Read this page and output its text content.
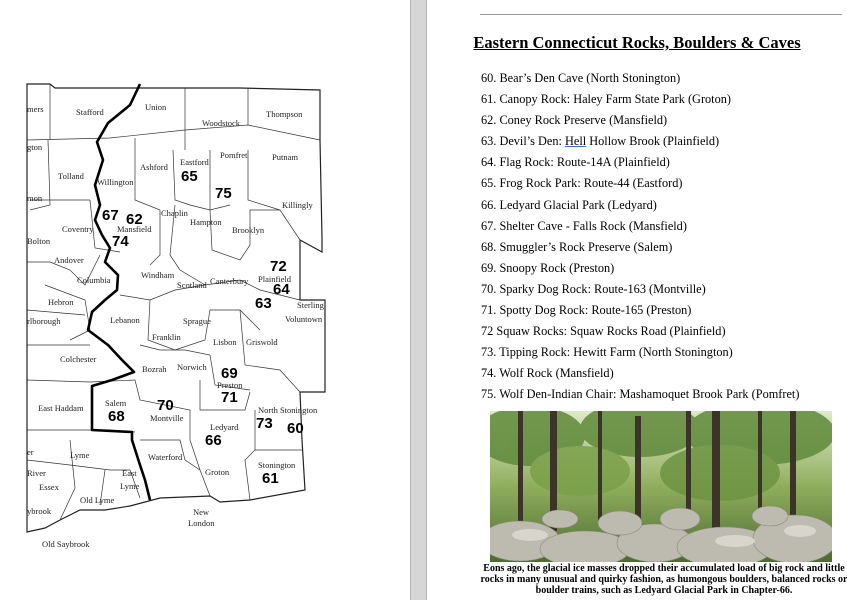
mers	Stafford	Union
Woodstock
Thompson
gton
Tolland
Willington
Ashford Eastford
Pomfret	Putnam
Killingly
mon
Coventry	Mansfield
Chaplin
Hampton
Brooklyn
Bolton
Andover
Columbia	Windham
Scotland Canterbury Plainfield
Sterling
Hebron
rlborough	Lebanon
Franklin
Sprague	Voluntown
Lisbon Griswold
Colchester
Norwich
Bozrah
Preston
East Haddam	Salem
Montville
Ledyard
North Stonington
Waterford
Lyme
East
Lyme
Groton
Stonington
er
River
Essex
Old Lyme
New
London
ybrook
Old Saybrook
67 62
74
65
75
72
64
63
69
71
70
68
66
73 60
61
Eastern Connecticut Rocks, Boulders & Caves
60. Bear’s Den Cave (North Stonington)
61. Canopy Rock: Haley Farm State Park (Groton)
62. Coney Rock Preserve (Mansfield)
63. Devil’s Den: Hell Hollow Brook (Plainfield)
64. Flag Rock: Route-14A (Plainfield)
65. Frog Rock Park: Route-44 (Eastford)
66. Ledyard Glacial Park (Ledyard)
67. Shelter Cave - Falls Rock (Mansfield)
68. Smuggler’s Rock Preserve (Salem)
69. Snoopy Rock (Preston)
70. Sparky Dog Rock: Route-163 (Montville)
71. Spotty Dog Rock: Route-165 (Preston)
72 Squaw Rocks: Squaw Rocks Road (Plainfield)
73. Tipping Rock: Hewitt Farm (North Stonington)
74. Wolf Rock (Mansfield)
75. Wolf Den-Indian Chair: Mashamoquet Brook Park (Pomfret)
Eons ago, the glacial ice masses dropped their accumulated load of big rock and little rocks in many unusual and quirky fashion, as humongous boulders, balanced rocks or boulder trains, such as Ledyard Glacial Park in Chapter-66.
